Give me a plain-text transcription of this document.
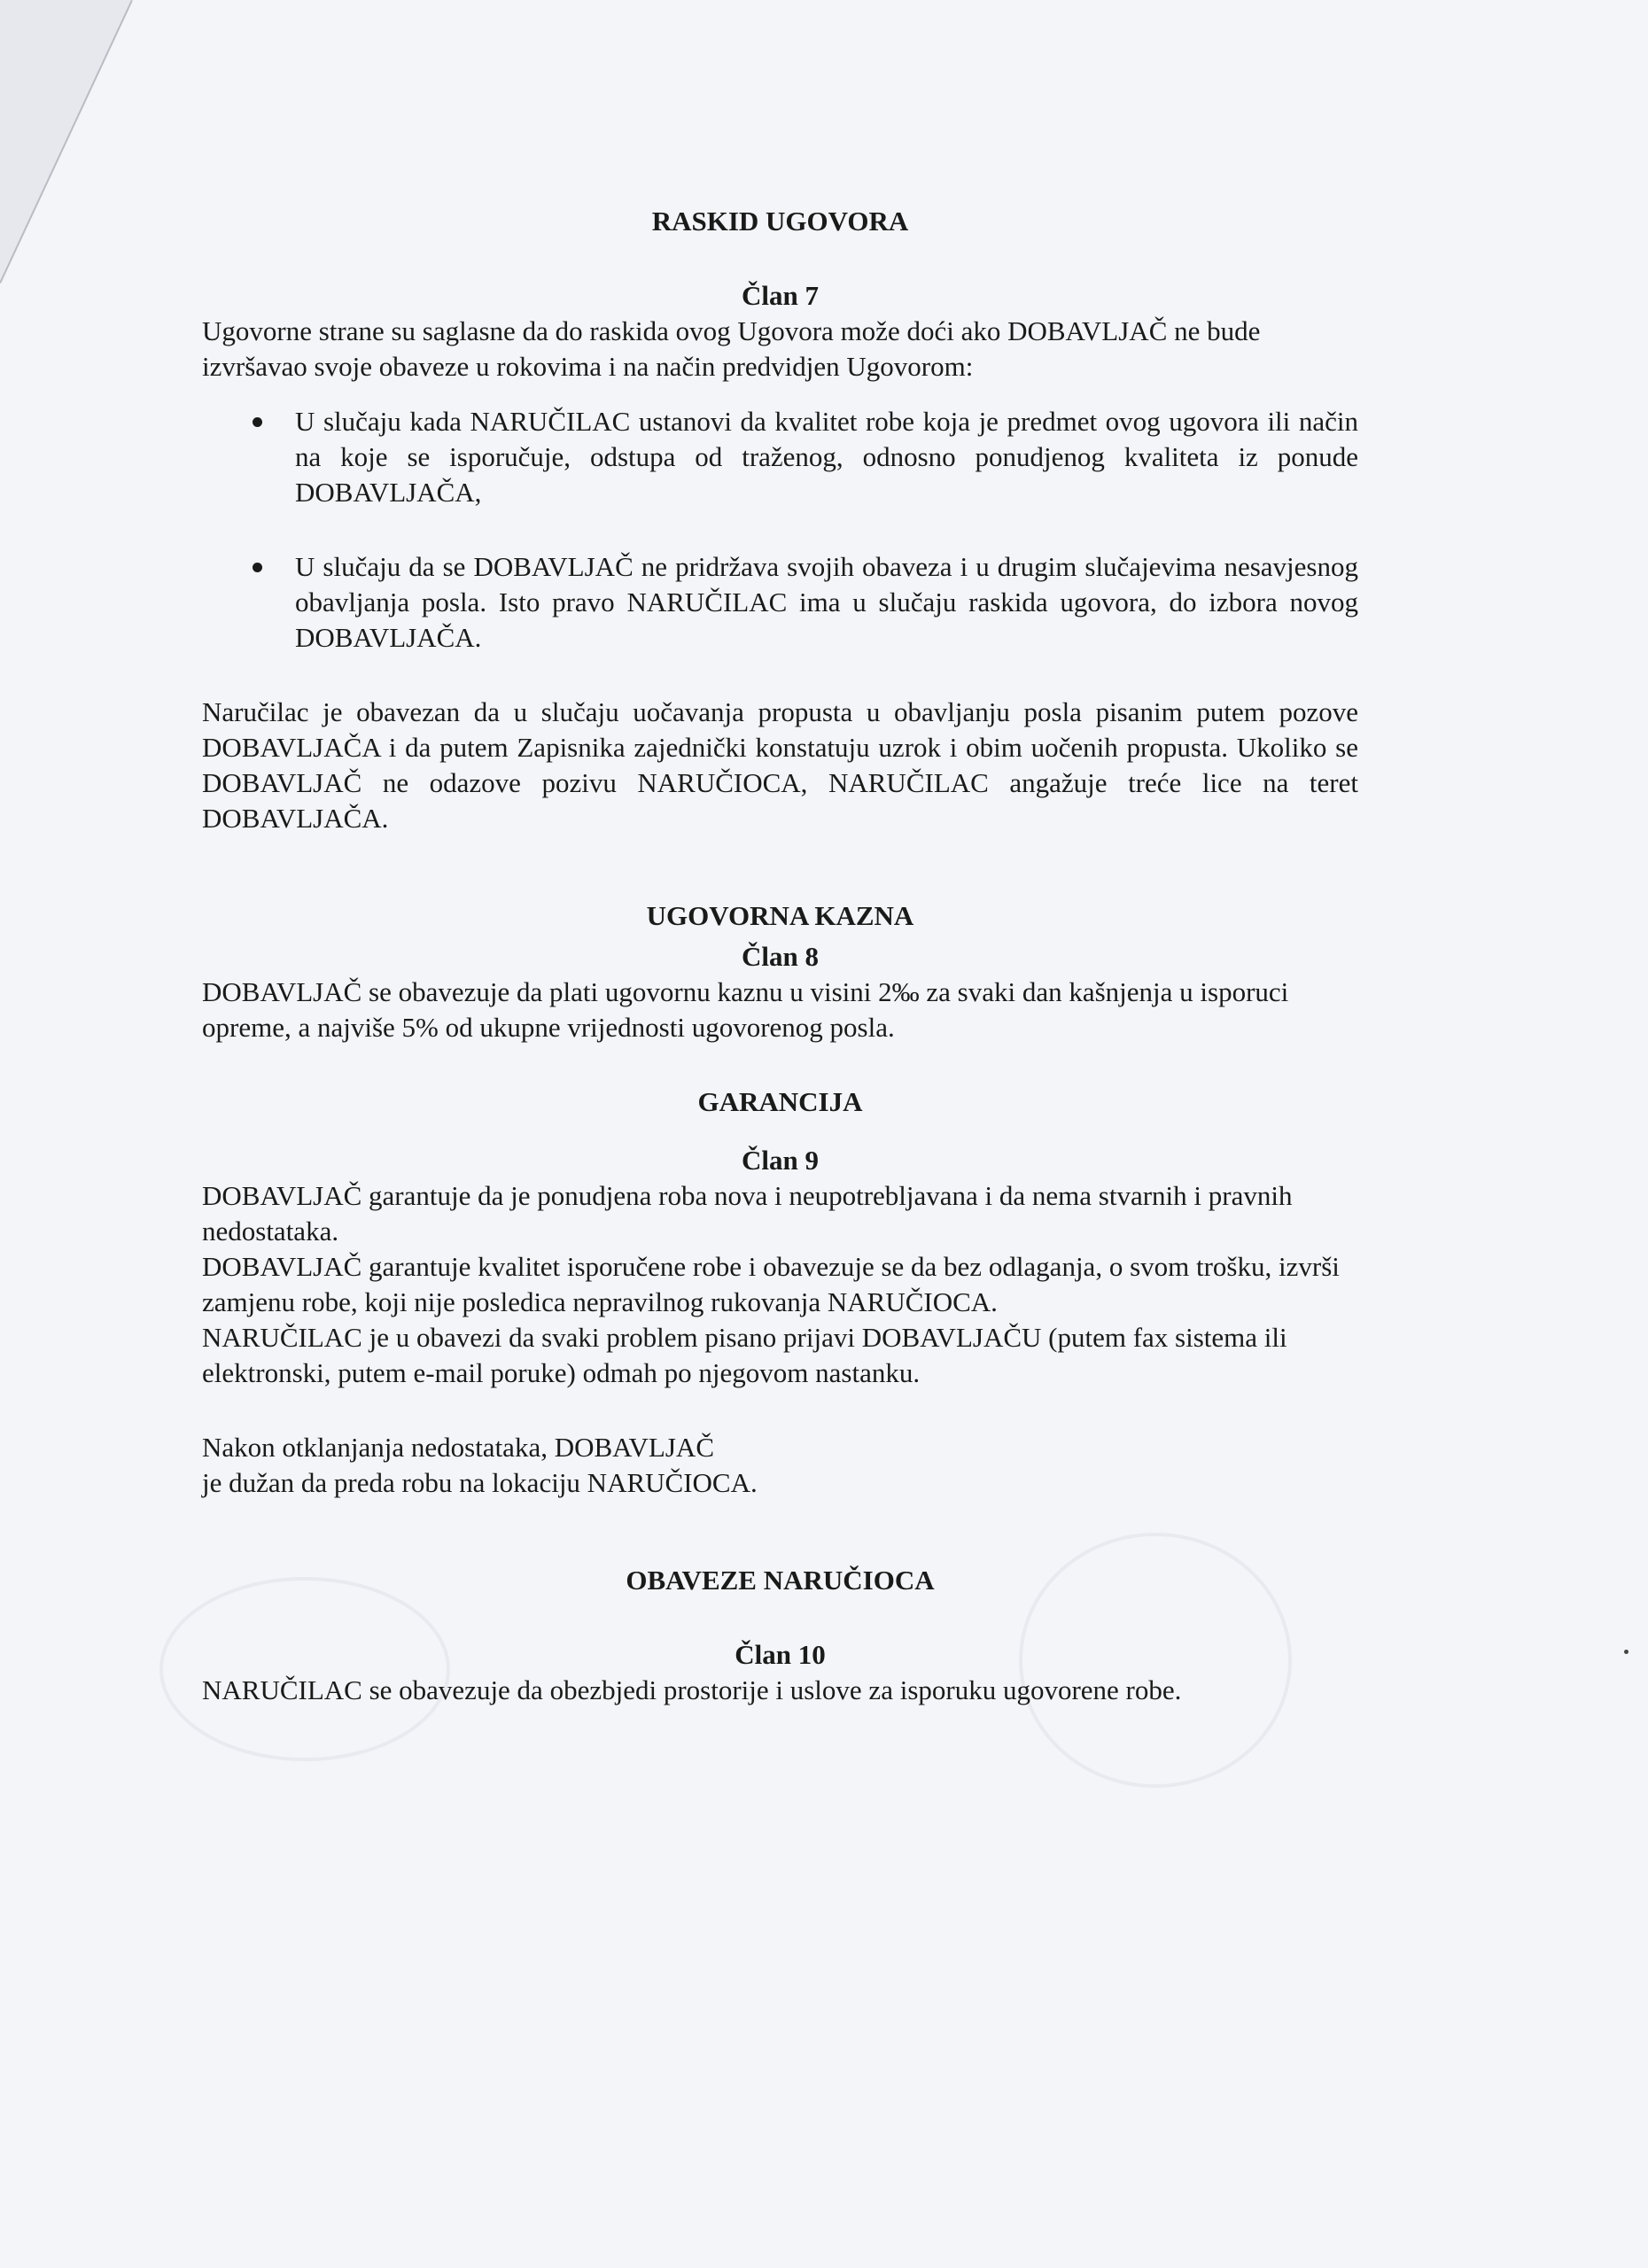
RASKID UGOVORA

Član 7

Ugovorne strane su saglasne da do raskida ovog Ugovora može doći ako DOBAVLJAČ ne bude izvršavao svoje obaveze u rokovima i na način predvidjen Ugovorom:

U slučaju kada NARUČILAC ustanovi da kvalitet robe koja je predmet ovog ugovora ili način na koje se isporučuje, odstupa od traženog, odnosno ponudjenog kvaliteta iz ponude DOBAVLJAČA,
U slučaju da se DOBAVLJAČ ne pridržava svojih obaveza i u drugim slučajevima nesavjesnog obavljanja posla. Isto pravo NARUČILAC ima u slučaju raskida ugovora, do izbora novog DOBAVLJAČA.

Naručilac je obavezan da u slučaju uočavanja propusta u obavljanju posla pisanim putem pozove DOBAVLJAČA i da putem Zapisnika zajednički konstatuju uzrok i obim uočenih propusta. Ukoliko se DOBAVLJAČ ne odazove pozivu NARUČIOCA, NARUČILAC angažuje treće lice na teret DOBAVLJAČA.

UGOVORNA KAZNA

Član 8

DOBAVLJAČ se obavezuje da plati ugovornu kaznu u visini 2‰ za svaki dan kašnjenja u isporuci opreme, a najviše 5% od ukupne vrijednosti ugovorenog posla.

GARANCIJA

Član 9

DOBAVLJAČ garantuje da je ponudjena roba nova i neupotrebljavana i da nema stvarnih i pravnih nedostataka.

DOBAVLJAČ garantuje kvalitet isporučene robe i obavezuje se da bez odlaganja, o svom trošku, izvrši zamjenu robe, koji nije posledica nepravilnog rukovanja NARUČIOCA.

NARUČILAC je u obavezi da svaki problem pisano prijavi DOBAVLJAČU (putem fax sistema ili elektronski, putem e-mail poruke) odmah po njegovom nastanku.

Nakon otklanjanja nedostataka, DOBAVLJAČ

je dužan da preda robu na lokaciju NARUČIOCA.

OBAVEZE NARUČIOCA

Član 10

NARUČILAC se obavezuje da obezbjedi prostorije i uslove za isporuku ugovorene robe.
